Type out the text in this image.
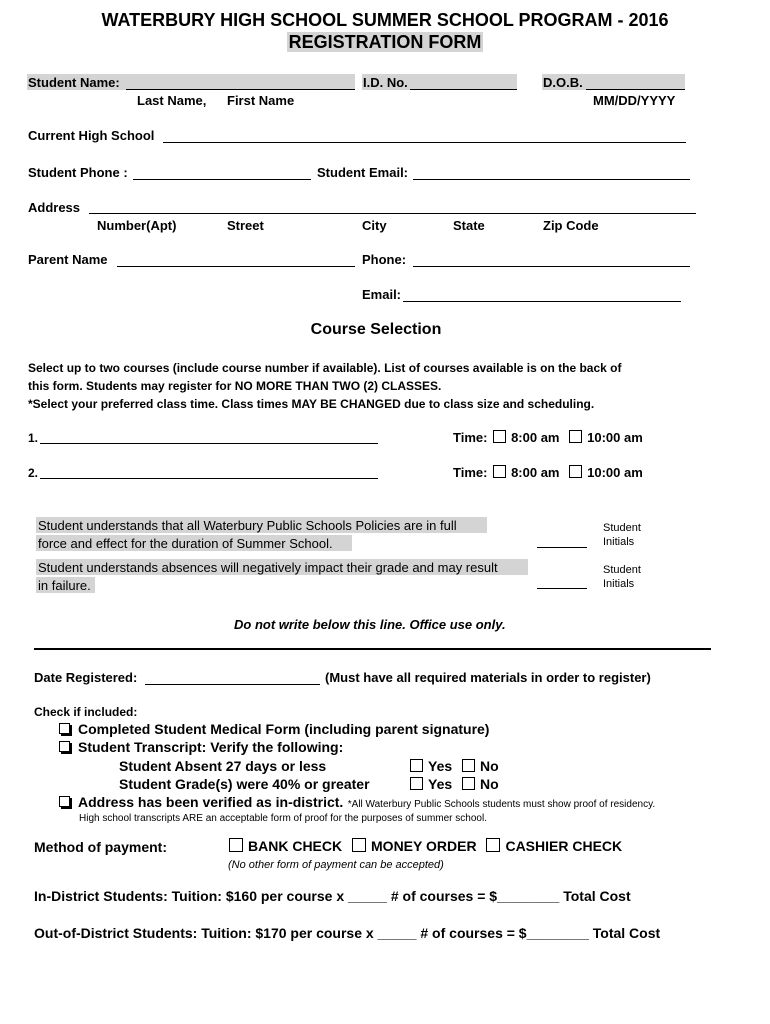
WATERBURY HIGH SCHOOL SUMMER SCHOOL PROGRAM - 2016
REGISTRATION FORM
Student Name:	I.D. No.	D.O.B.
Last Name, First Name	MM/DD/YYYY
Current High School
Student Phone :	Student Email:
Address
Number(Apt)	Street	City	State	Zip Code
Parent Name	Phone:
Email:
Course Selection
Select up to two courses (include course number if available). List of courses available is on the back of
this form. Students may register for NO MORE THAN TWO (2) CLASSES.
*Select your preferred class time. Class times MAY BE CHANGED due to class size and scheduling.
1.	Time: 8:00 am 10:00 am
2.	Time: 8:00 am 10:00 am
Student understands that all Waterbury Public Schools Policies are in full
force and effect for the duration of Summer School.
Student
Initials
Student understands absences will negatively impact their grade and may result
in failure.
Student
Initials
Do not write below this line. Office use only.
Date Registered:	(Must have all required materials in order to register)
Check if included:
Completed Student Medical Form (including parent signature)
Student Transcript: Verify the following:
Student Absent 27 days or less	Yes No
Student Grade(s) were 40% or greater	Yes No
Address has been verified as in-district. *All Waterbury Public Schools students must show proof of residency.
High school transcripts ARE an acceptable form of proof for the purposes of summer school.
Method of payment:	BANK CHECK MONEY ORDER CASHIER CHECK
(No other form of payment can be accepted)
In-District Students: Tuition: $160 per course x _____ # of courses = $________ Total Cost
Out-of-District Students: Tuition: $170 per course x _____ # of courses = $________ Total Cost
